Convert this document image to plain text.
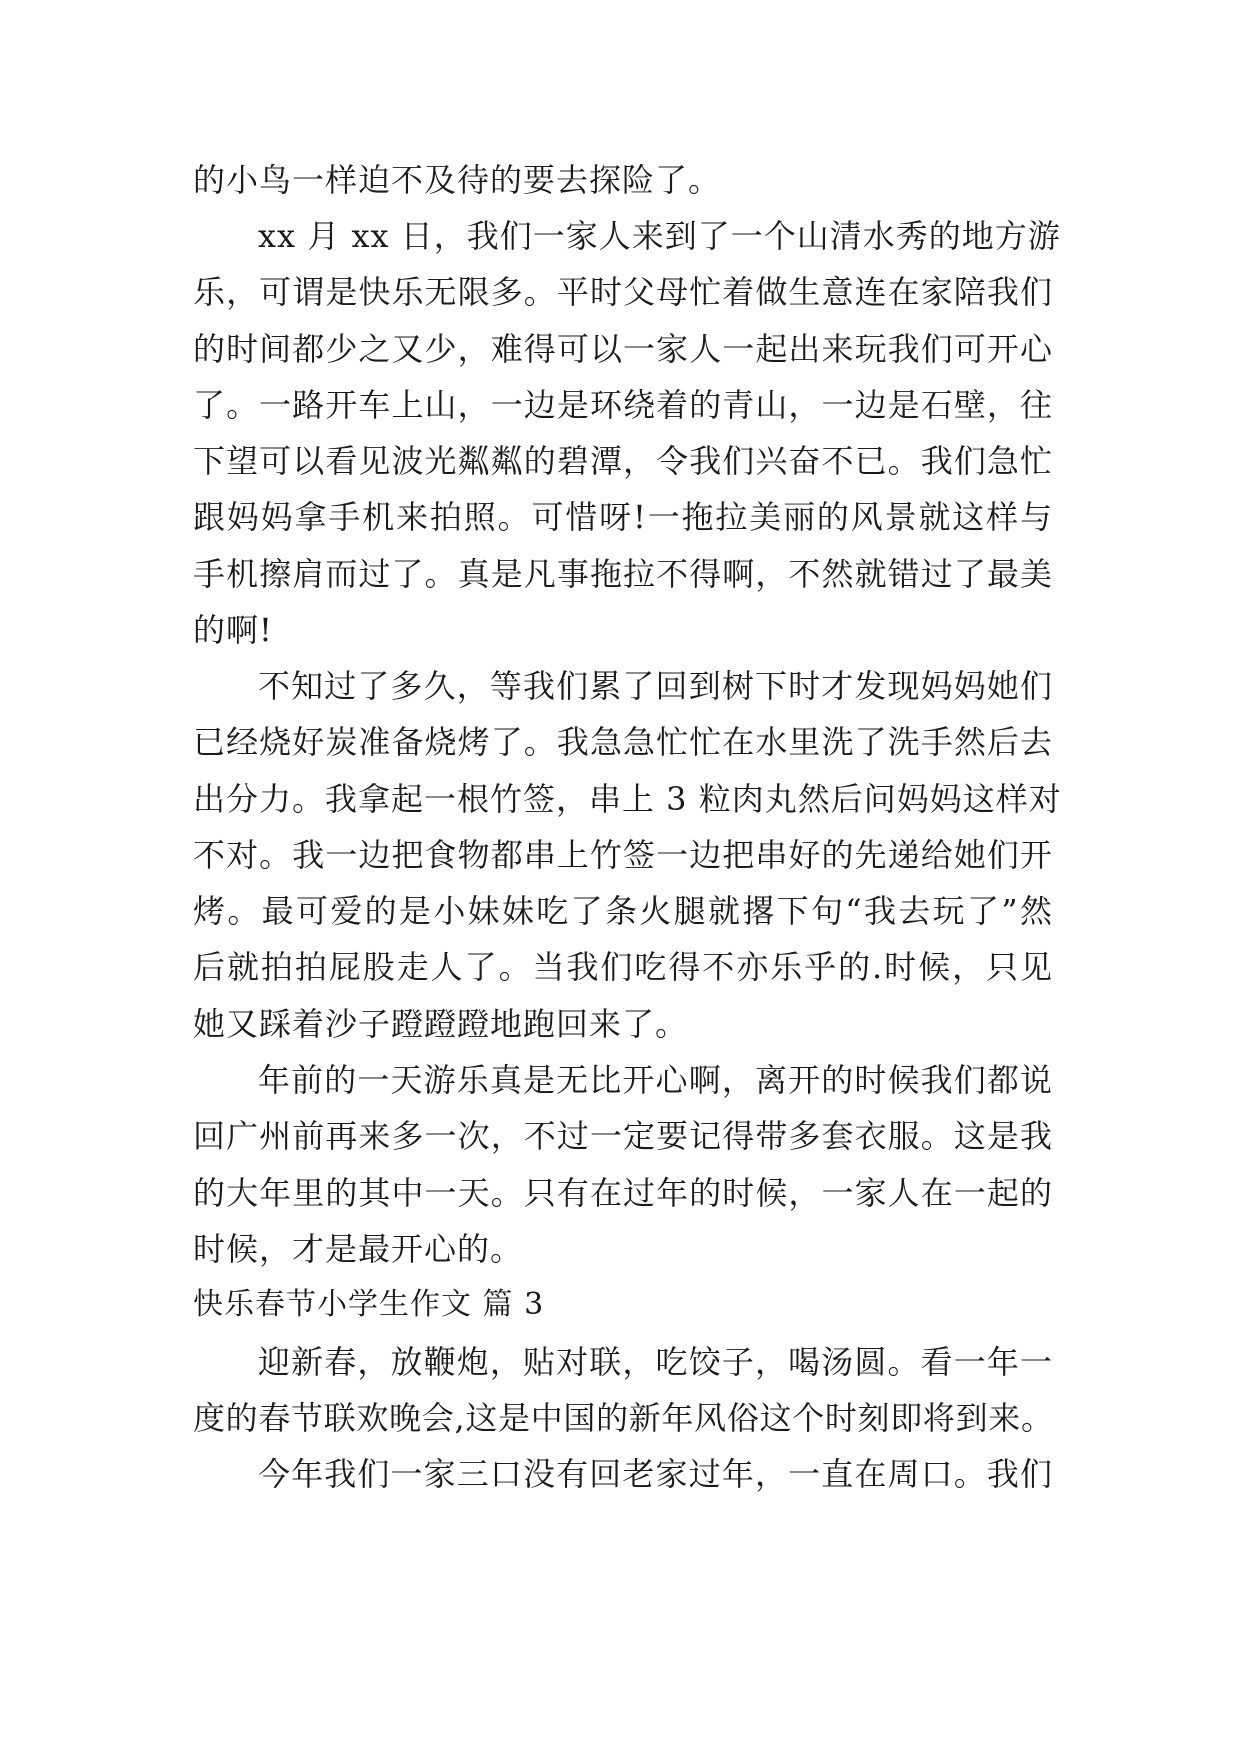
的小鸟一样迫不及待的要去探险了。
xx 月 xx 日，我们一家人来到了一个山清水秀的地方游
乐，可谓是快乐无限多。平时父母忙着做生意连在家陪我们
的时间都少之又少，难得可以一家人一起出来玩我们可开心
了。一路开车上山，一边是环绕着的青山，一边是石壁，往
下望可以看见波光粼粼的碧潭，令我们兴奋不已。我们急忙
跟妈妈拿手机来拍照。可惜呀!一拖拉美丽的风景就这样与
手机擦肩而过了。真是凡事拖拉不得啊，不然就错过了最美
的啊!
不知过了多久，等我们累了回到树下时才发现妈妈她们
已经烧好炭准备烧烤了。我急急忙忙在水里洗了洗手然后去
出分力。我拿起一根竹签，串上 3 粒肉丸然后问妈妈这样对
不对。我一边把食物都串上竹签一边把串好的先递给她们开
烤。最可爱的是小妹妹吃了条火腿就撂下句“我去玩了”然
后就拍拍屁股走人了。当我们吃得不亦乐乎的.时候，只见
她又踩着沙子蹬蹬蹬地跑回来了。
年前的一天游乐真是无比开心啊，离开的时候我们都说
回广州前再来多一次，不过一定要记得带多套衣服。这是我
的大年里的其中一天。只有在过年的时候，一家人在一起的
时候，才是最开心的。
快乐春节小学生作文 篇 3
迎新春，放鞭炮，贴对联，吃饺子，喝汤圆。看一年一
度的春节联欢晚会,这是中国的新年风俗这个时刻即将到来。
今年我们一家三口没有回老家过年，一直在周口。我们
